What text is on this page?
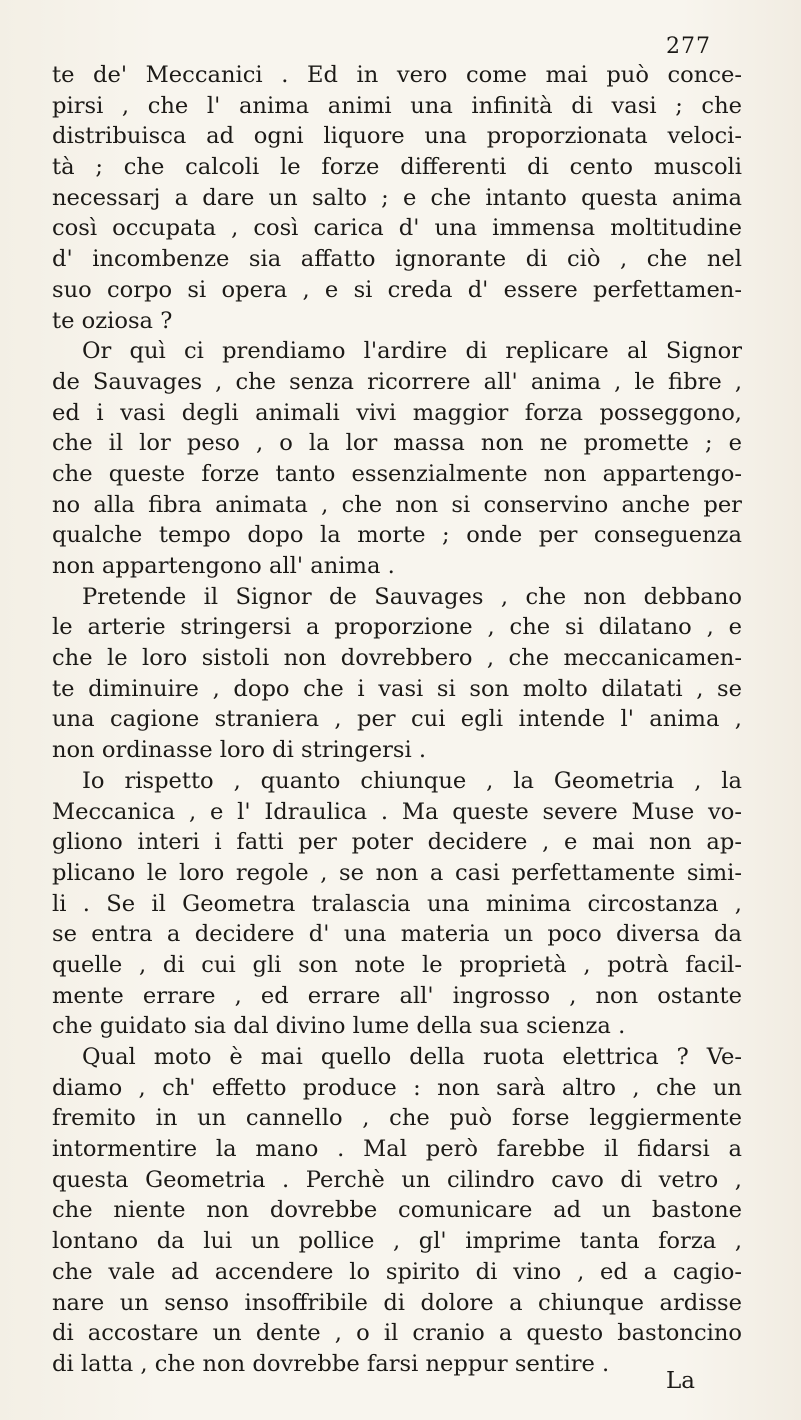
277
te de' Meccanici . Ed in vero come mai può conce-
pirsi , che l' anima animi una infinità di vasi ; che
distribuisca ad ogni liquore una proporzionata veloci-
tà ; che calcoli le forze differenti di cento muscoli
necessarj a dare un salto ; e che intanto questa anima
così occupata , così carica d' una immensa moltitudine
d' incombenze sia affatto ignorante di ciò , che nel
suo corpo si opera , e si creda d' essere perfettamen-
te oziosa ?
Or quì ci prendiamo l'ardire di replicare al Signor
de Sauvages , che senza ricorrere all' anima , le fibre ,
ed i vasi degli animali vivi maggior forza possеggono,
che il lor peso , o la lor massa non ne promette ; e
che queste forze tanto essenzialmente non appartengo-
no alla fibra animata , che non si conservino anche per
qualche tempo dopo la morte ; onde per conseguenza
non appartengono all' anima .
Pretende il Signor de Sauvages , che non debbano
le arterie stringersi a proporzione , che si dilatano , e
che le loro sistoli non dovrebbero , che meccanicamen-
te diminuire , dopo che i vasi si son molto dilatati , se
una cagione straniera , per cui egli intende l' anima ,
non ordinasse loro di stringersi .
Io rispetto , quanto chiunque , la Geometria , la
Meccanica , e l' Idraulica . Ma queste severe Muse vo-
gliono interi i fatti per poter decidere , e mai non ap-
plicano le loro regole , se non a casi perfettamente simi-
li . Se il Geometra tralascia una minima circostanza ,
se entra a decidere d' una materia un poco diversa da
quelle , di cui gli son note le proprietà , potrà facil-
mente errare , ed errare all' ingrosso , non ostante
che guidato sia dal divino lume della sua scienza .
Qual moto è mai quello della ruota elettrica ? Ve-
diamo , ch' effetto produce : non sarà altro , che un
fremito in un cannello , che può forse leggiermente
intormentire la mano . Mal però farebbe il fidarsi a
questa Geometria . Perchè un cilindro cavo di vetro ,
che niente non dovrebbe comunicare ad un bastone
lontano da lui un pollice , gl' imprime tanta forza ,
che vale ad accendere lo spirito di vino , ed a cagio-
nare un senso insoffribile di dolore a chiunque ardisse
di accostare un dente , o il cranio a questo bastoncino
di latta , che non dovrebbe farsi neppur sentire .
La
